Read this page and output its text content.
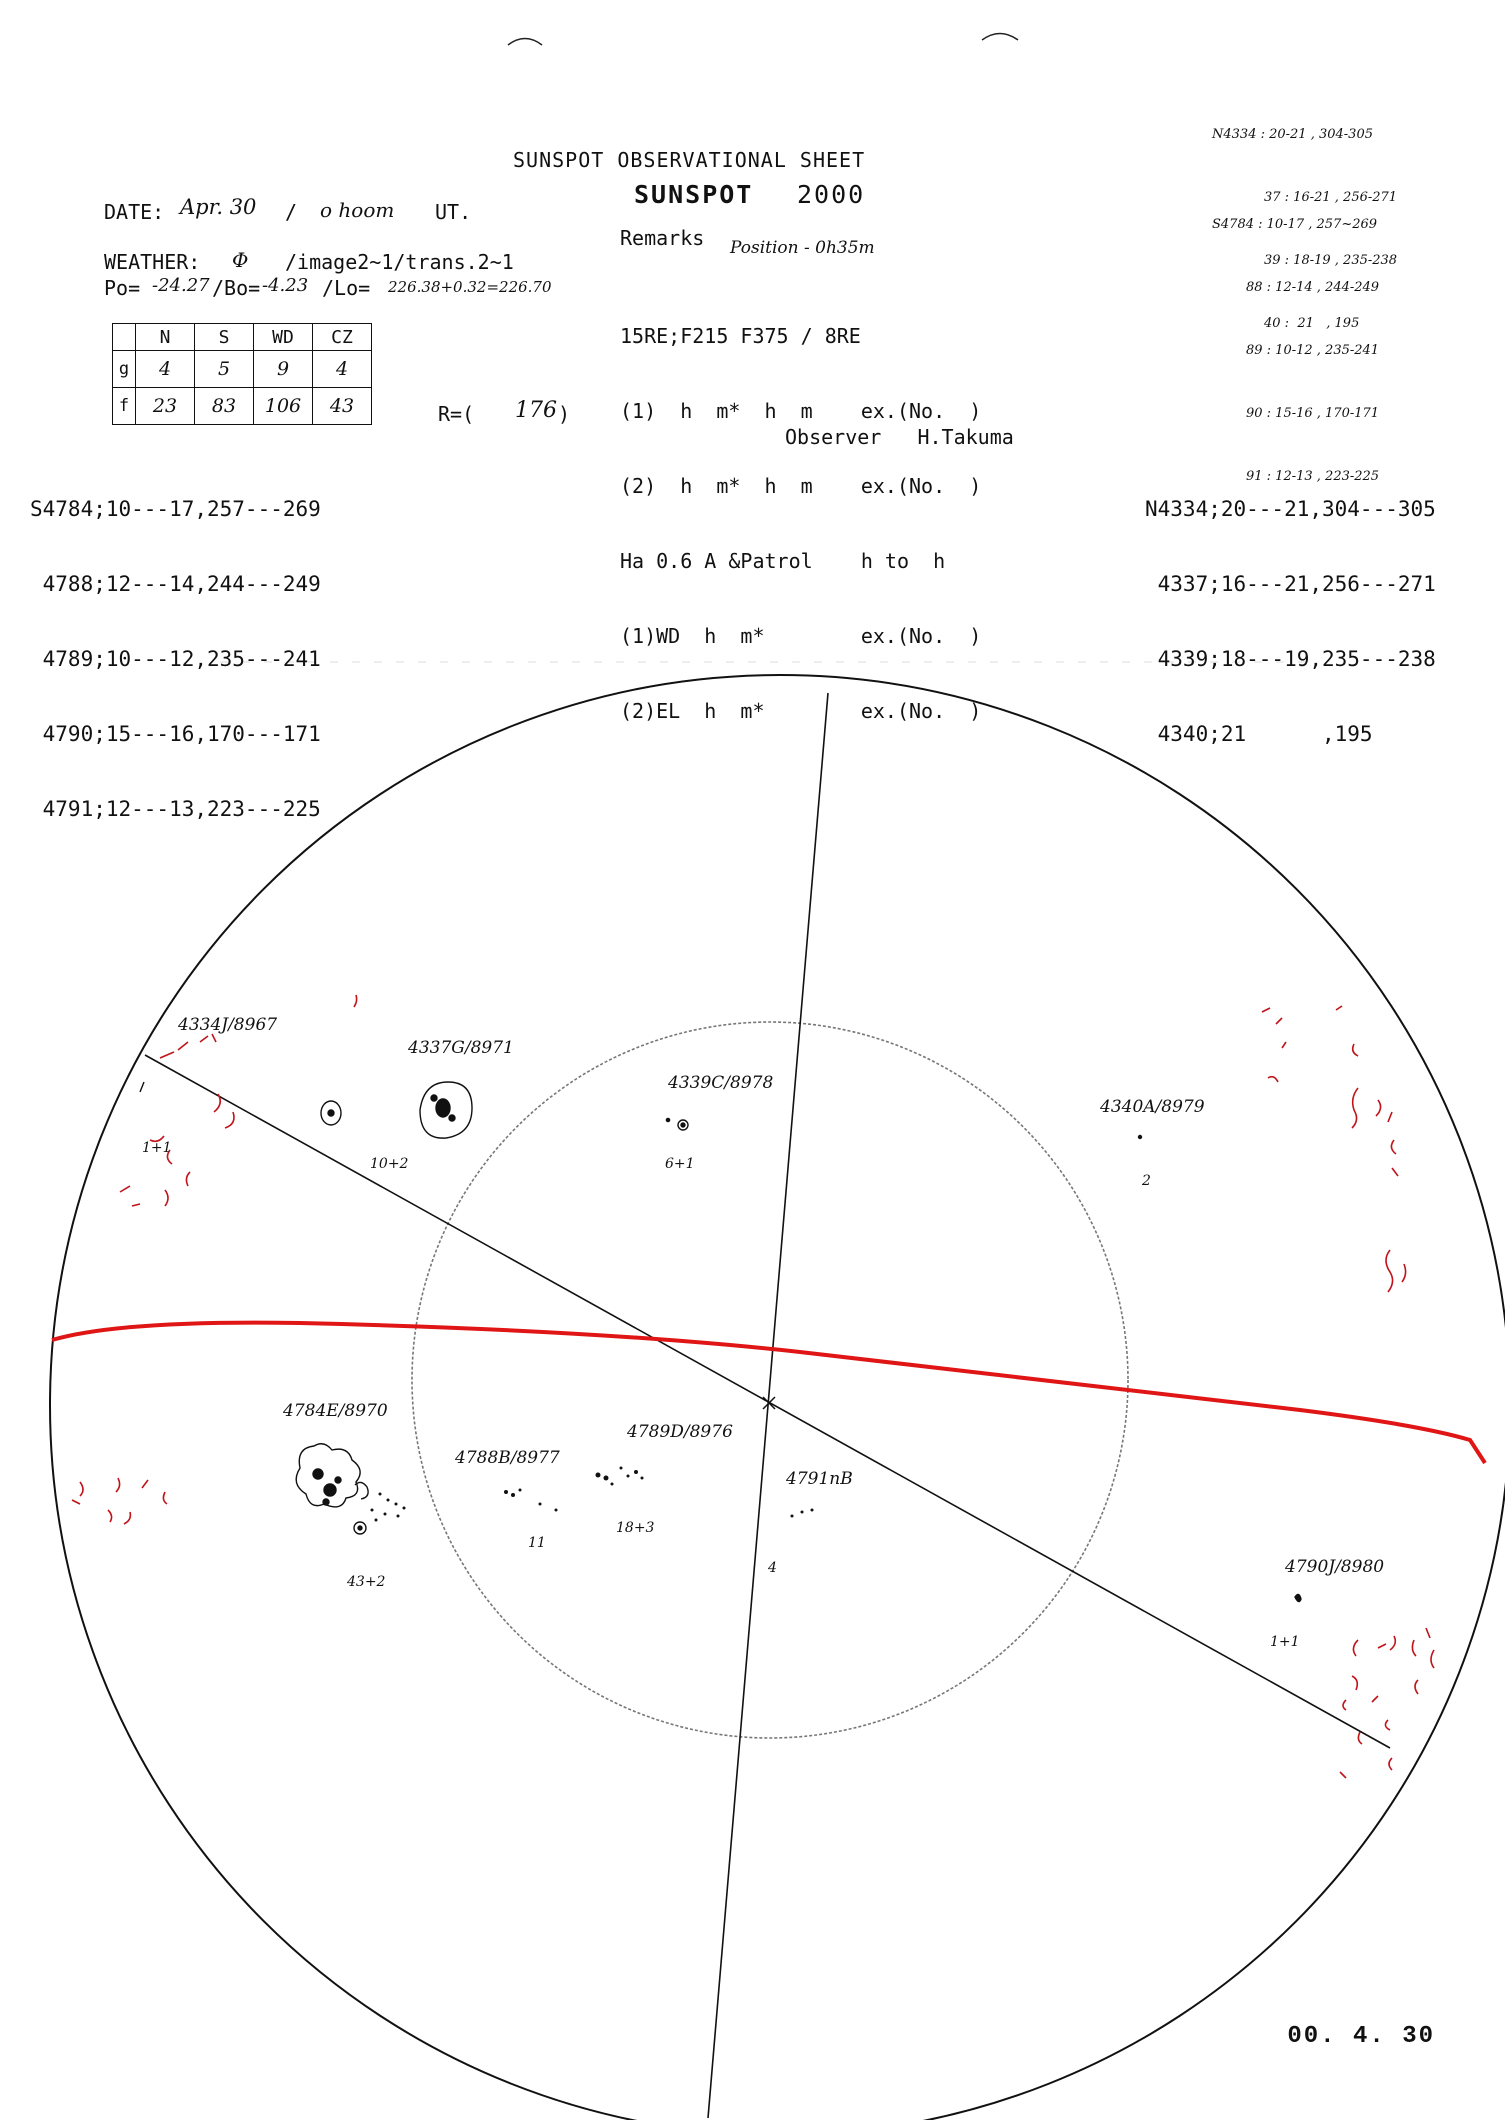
4334J/8967
4337G/8971
4339C/8978
4340A/8979
4784E/8970
4788B/8977
4789D/8976
4791nB
4790J/8980
1+1
10+2	6+1
2
43+2
11
18+3
4
1+1
SUNSPOT OBSERVATIONAL SHEET
SUNSPOT 2000

N4334 : 20-21 , 304-305

37 : 16-21 , 256-271

39 : 18-19 , 235-238

40 :  21   , 195

S4784 : 10-17 , 257~269

88 : 12-14 , 244-249

89 : 10-12 , 235-241

90 : 15-16 , 170-171

91 : 12-13 , 223-225

DATE: Apr. 30 / o hoom UT.
WEATHER: Φ /image2~1/trans.2~1
Po= -24.27 /Bo= -4.23 /Lo= 226.38+0.32=226.70
	N	S	WD	CZ
g	4	5	9	4
f	23	83	106	43	R=( 176 )
Remarks Position - 0h35m

15RE;F215 F375 / 8RE

(1)  h  m*  h  m    ex.(No.  )

(2)  h  m*  h  m    ex.(No.  )

Ha 0.6 A &Patrol    h to  h

(1)WD  h  m*        ex.(No.  )

(2)EL  h  m*        ex.(No.  )

Observer   H.Takuma

S4784;10---17,257---269

4788;12---14,244---249

4789;10---12,235---241

4790;15---16,170---171

4791;12---13,223---225

N4334;20---21,304---305

4337;16---21,256---271

4339;18---19,235---238

4340;21      ,195

00. 4. 30
